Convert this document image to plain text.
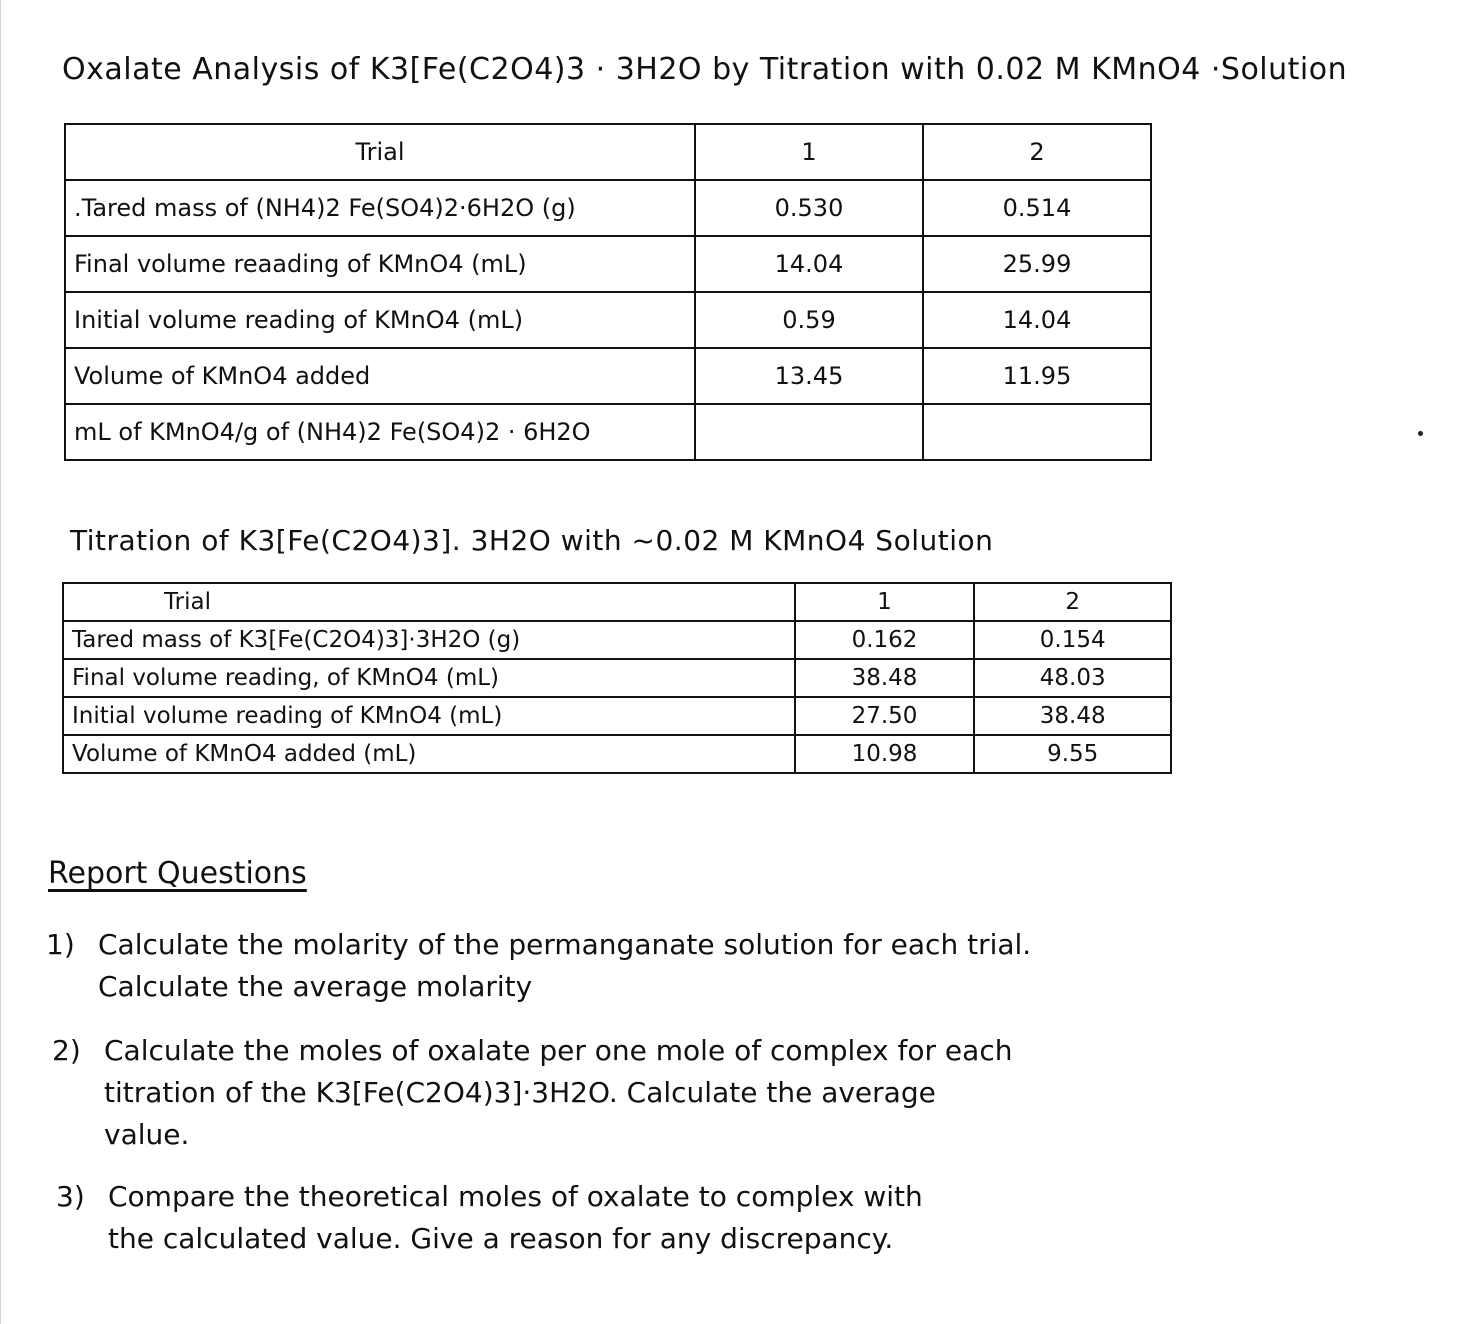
Oxalate Analysis of K3[Fe(C2O4)3 · 3H2O by Titration with 0.02 M KMnO4 ·Solution
Trial	1	2
.Tared mass of (NH4)2 Fe(SO4)2·6H2O (g)	0.530	0.514
Final volume reaading of KMnO4 (mL)	14.04	25.99
Initial volume reading of KMnO4 (mL)	0.59	14.04
Volume of KMnO4 added	13.45	11.95
mL of KMnO4/g of (NH4)2 Fe(SO4)2 · 6H2O		
Titration of K3[Fe(C2O4)3]. 3H2O with ~0.02 M KMnO4 Solution
Trial	1	2
Tared mass of K3[Fe(C2O4)3]·3H2O (g)	0.162	0.154
Final volume reading, of KMnO4 (mL)	38.48	48.03
Initial volume reading of KMnO4 (mL)	27.50	38.48
Volume of KMnO4 added (mL)	10.98	9.55
Report Questions
1) Calculate the molarity of the permanganate solution for each trial.
Calculate the average molarity
2) Calculate the moles of oxalate per one mole of complex for each
titration of the K3[Fe(C2O4)3]·3H2O. Calculate the average
value.
3) Compare the theoretical moles of oxalate to complex with
the calculated value. Give a reason for any discrepancy.
